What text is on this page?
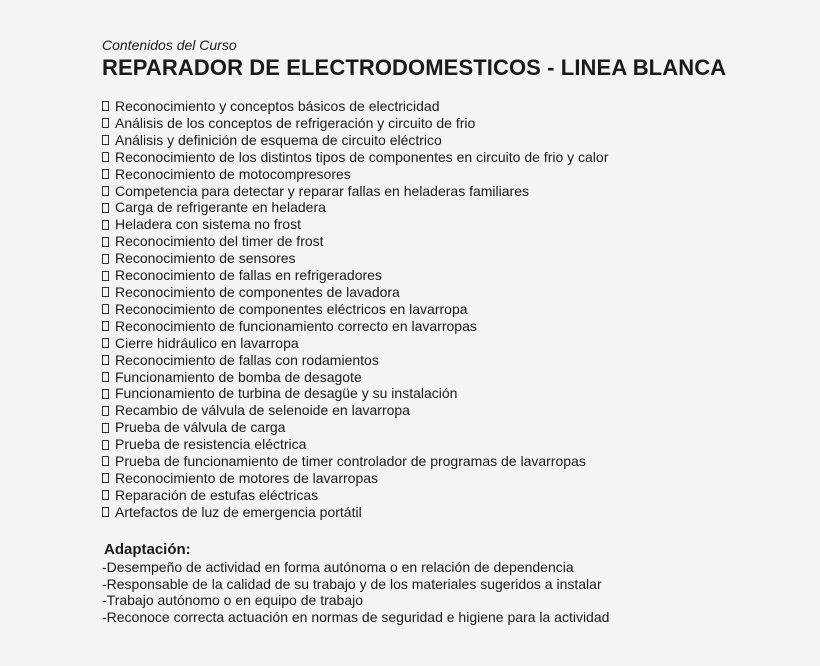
Contenidos del Curso

REPARADOR DE ELECTRODOMESTICOS - LINEA BLANCA
Reconocimiento y conceptos básicos de electricidad
Análisis de los conceptos de refrigeración y circuito de frio
Análisis y definición de esquema de circuito eléctrico
Reconocimiento de los distintos tipos de componentes en circuito de frio y calor
Reconocimiento de motocompresores
Competencia para detectar y reparar fallas en heladeras familiares
Carga de refrigerante en heladera
Heladera con sistema no frost
Reconocimiento del timer de frost
Reconocimiento de sensores
Reconocimiento de fallas en refrigeradores
Reconocimiento de componentes de lavadora
Reconocimiento de componentes eléctricos en lavarropa
Reconocimiento de funcionamiento correcto en lavarropas
Cierre hidráulico en lavarropa
Reconocimiento de fallas con rodamientos
Funcionamiento de bomba de desagote
Funcionamiento de turbina de desagüe y su instalación
Recambio de válvula de selenoide en lavarropa
Prueba de válvula de carga
Prueba de resistencia eléctrica
Prueba de funcionamiento de timer controlador de programas de lavarropas
Reconocimiento de motores de lavarropas
Reparación de estufas eléctricas
Artefactos de luz de emergencia portátil
Adaptación:
-Desempeño de actividad en forma autónoma o en relación de dependencia
-Responsable de la calidad de su trabajo y de los materiales sugeridos a instalar
-Trabajo autónomo o en equipo de trabajo
-Reconoce correcta actuación en normas de seguridad e higiene para la actividad
